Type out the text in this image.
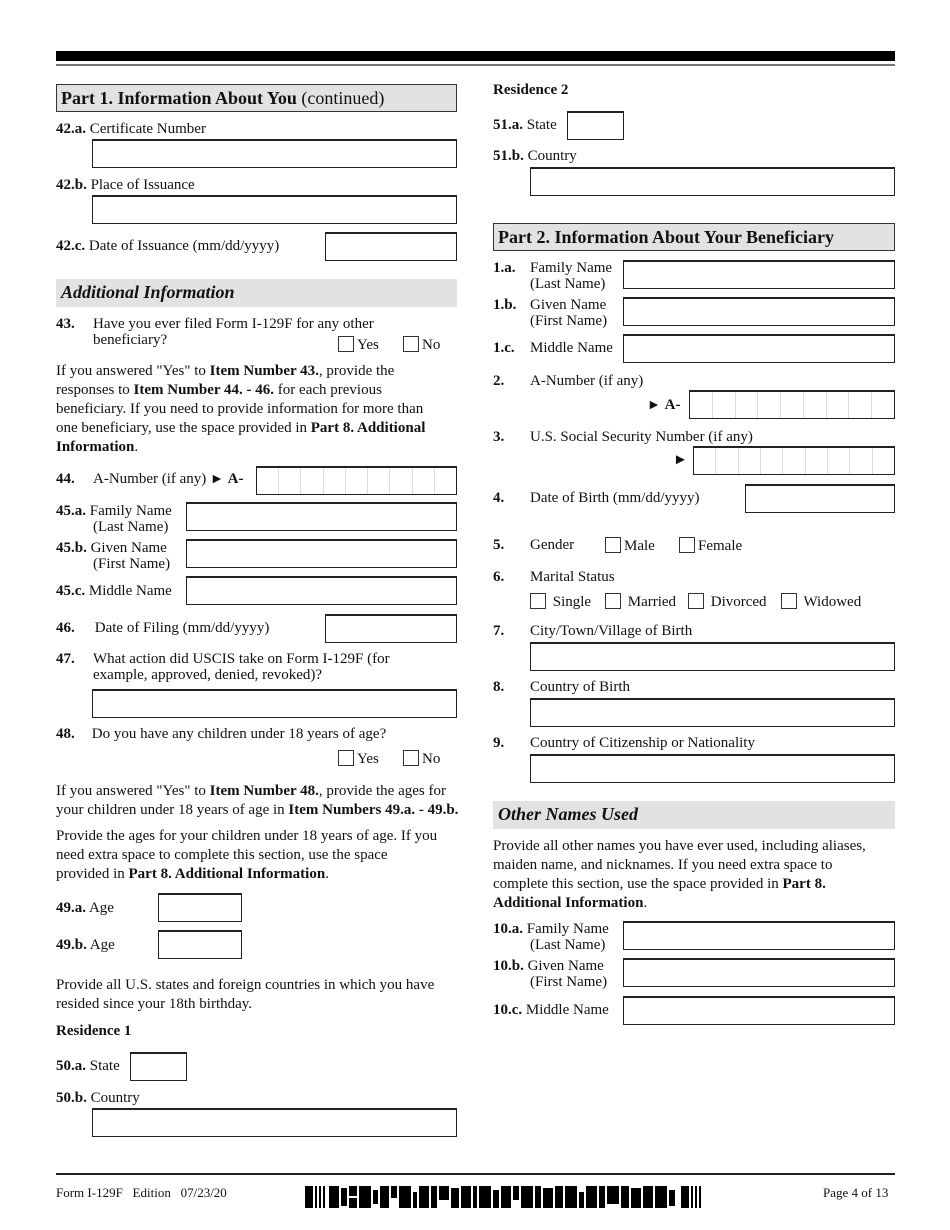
Part 1. Information About You (continued)
42.a. Certificate Number
42.b. Place of Issuance
42.c. Date of Issuance (mm/dd/yyyy)
Additional Information
43. Have you ever filed Form I-129F for any other
beneficiary?	Yes	No
If you answered "Yes" to Item Number 43., provide the
responses to Item Number 44. - 46. for each previous
beneficiary. If you need to provide information for more than
one beneficiary, use the space provided in Part 8. Additional
Information.
44. A-Number (if any) ► A-
45.a. Family Name
(Last Name)
45.b. Given Name
(First Name)
45.c. Middle Name
46. Date of Filing (mm/dd/yyyy)
47. What action did USCIS take on Form I-129F (for
example, approved, denied, revoked)?
48. Do you have any children under 18 years of age?
Yes	No
If you answered "Yes" to Item Number 48., provide the ages for
your children under 18 years of age in Item Numbers 49.a. - 49.b.
Provide the ages for your children under 18 years of age. If you
need extra space to complete this section, use the space
provided in Part 8. Additional Information.
49.a. Age
49.b. Age
Provide all U.S. states and foreign countries in which you have
resided since your 18th birthday.
Residence 1
50.a. State
50.b. Country
Residence 2
51.a. State
51.b. Country
Part 2. Information About Your Beneficiary
1.a. Family Name
(Last Name)
1.b. Given Name
(First Name)
1.c. Middle Name
2. A-Number (if any)
► A-
3. U.S. Social Security Number (if any)
►
4. Date of Birth (mm/dd/yyyy)
5. Gender	Male	Female
6. Marital Status
Single	Married	Divorced	Widowed
7. City/Town/Village of Birth
8. Country of Birth
9. Country of Citizenship or Nationality
Other Names Used
Provide all other names you have ever used, including aliases,
maiden name, and nicknames. If you need extra space to
complete this section, use the space provided in Part 8.
Additional Information.
10.a. Family Name
(Last Name)
10.b. Given Name
(First Name)
10.c. Middle Name
Form I-129F   Edition   07/23/20	Page 4 of 13
